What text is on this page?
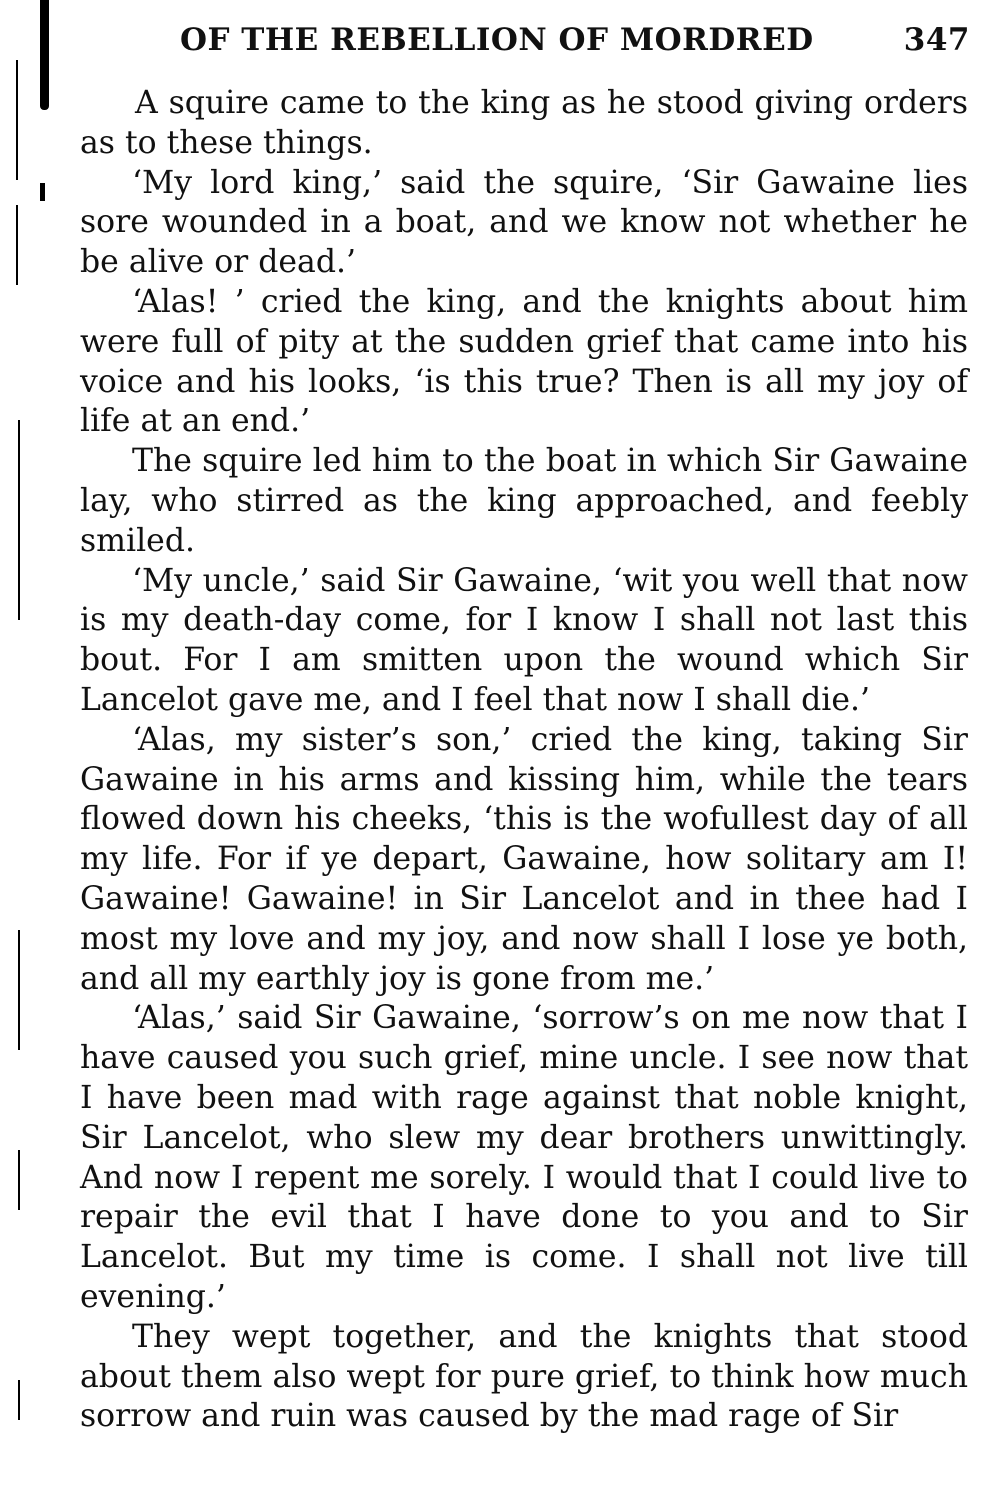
OF THE REBELLION OF MORDRED	347

A squire came to the king as he stood giving orders as to these things.

‘My lord king,’ said the squire, ‘Sir Gawaine lies sore wounded in a boat, and we know not whether he be alive or dead.’

‘Alas! ’ cried the king, and the knights about him were full of pity at the sudden grief that came into his voice and his looks, ‘is this true? Then is all my joy of life at an end.’

The squire led him to the boat in which Sir Gawaine lay, who stirred as the king approached, and feebly smiled.

‘My uncle,’ said Sir Gawaine, ‘wit you well that now is my death-day come, for I know I shall not last this bout. For I am smitten upon the wound which Sir Lancelot gave me, and I feel that now I shall die.’

‘Alas, my sister’s son,’ cried the king, taking Sir Gawaine in his arms and kissing him, while the tears flowed down his cheeks, ‘this is the wofullest day of all my life. For if ye depart, Gawaine, how solitary am I! Gawaine! Gawaine! in Sir Lancelot and in thee had I most my love and my joy, and now shall I lose ye both, and all my earthly joy is gone from me.’

‘Alas,’ said Sir Gawaine, ‘sorrow’s on me now that I have caused you such grief, mine uncle. I see now that I have been mad with rage against that noble knight, Sir Lancelot, who slew my dear brothers unwittingly. And now I repent me sorely. I would that I could live to repair the evil that I have done to you and to Sir Lancelot. But my time is come. I shall not live till evening.’

They wept together, and the knights that stood about them also wept for pure grief, to think how much sorrow and ruin was caused by the mad rage of Sir
